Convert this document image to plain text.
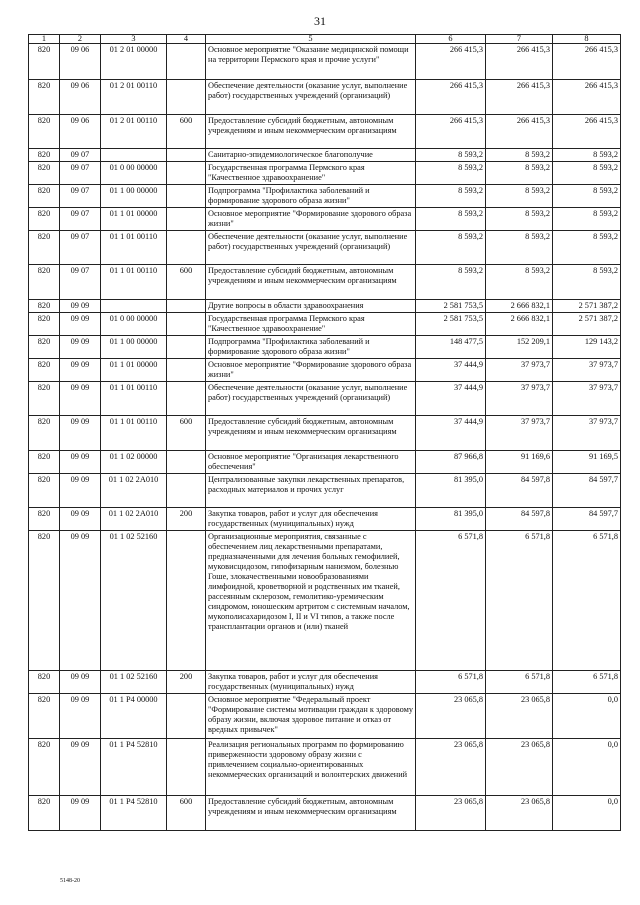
31
1	2	3	4	5	6	7	8
820	09 06	01 2 01 00000		Основное мероприятие "Оказание медицинской помощи на территории Пермского края и прочие услуги"	266 415,3	266 415,3	266 415,3
820	09 06	01 2 01 00110		Обеспечение деятельности (оказание услуг, выполнение работ) государственных учреждений (организаций)	266 415,3	266 415,3	266 415,3
820	09 06	01 2 01 00110	600	Предоставление субсидий бюджетным, автономным учреждениям и иным некоммерческим организациям	266 415,3	266 415,3	266 415,3
820	09 07			Санитарно-эпидемиологическое благополучие	8 593,2	8 593,2	8 593,2
820	09 07	01 0 00 00000		Государственная программа Пермского края "Качественное здравоохранение"	8 593,2	8 593,2	8 593,2
820	09 07	01 1 00 00000		Подпрограмма "Профилактика заболеваний и формирование здорового образа жизни"	8 593,2	8 593,2	8 593,2
820	09 07	01 1 01 00000		Основное мероприятие "Формирование здорового образа жизни"	8 593,2	8 593,2	8 593,2
820	09 07	01 1 01 00110		Обеспечение деятельности (оказание услуг, выполнение работ) государственных учреждений (организаций)	8 593,2	8 593,2	8 593,2
820	09 07	01 1 01 00110	600	Предоставление субсидий бюджетным, автономным учреждениям и иным некоммерческим организациям	8 593,2	8 593,2	8 593,2
820	09 09			Другие вопросы в области здравоохранения	2 581 753,5	2 666 832,1	2 571 387,2
820	09 09	01 0 00 00000		Государственная программа Пермского края "Качественное здравоохранение"	2 581 753,5	2 666 832,1	2 571 387,2
820	09 09	01 1 00 00000		Подпрограмма "Профилактика заболеваний и формирование здорового образа жизни"	148 477,5	152 209,1	129 143,2
820	09 09	01 1 01 00000		Основное мероприятие "Формирование здорового образа жизни"	37 444,9	37 973,7	37 973,7
820	09 09	01 1 01 00110		Обеспечение деятельности (оказание услуг, выполнение работ) государственных учреждений (организаций)	37 444,9	37 973,7	37 973,7
820	09 09	01 1 01 00110	600	Предоставление субсидий бюджетным, автономным учреждениям и иным некоммерческим организациям	37 444,9	37 973,7	37 973,7
820	09 09	01 1 02 00000		Основное мероприятие "Организация лекарственного обеспечения"	87 966,8	91 169,6	91 169,5
820	09 09	01 1 02 2A010		Централизованные закупки лекарственных препаратов, расходных материалов и прочих услуг	81 395,0	84 597,8	84 597,7
820	09 09	01 1 02 2A010	200	Закупка товаров, работ и услуг для обеспечения государственных (муниципальных) нужд	81 395,0	84 597,8	84 597,7
820	09 09	01 1 02 52160		Организационные мероприятия, связанные с обеспечением лиц лекарственными препаратами, предназначенными для лечения больных гемофилией, муковисцидозом, гипофизарным нанизмом, болезнью Гоше, злокачественными новообразованиями лимфоидной, кроветворной и родственных им тканей, рассеянным склерозом, гемолитико-уремическим синдромом, юношеским артритом с системным началом, мукополисахаридозом I, II и VI типов, а также после трансплантации органов и (или) тканей	6 571,8	6 571,8	6 571,8
820	09 09	01 1 02 52160	200	Закупка товаров, работ и услуг для обеспечения государственных (муниципальных) нужд	6 571,8	6 571,8	6 571,8
820	09 09	01 1 P4 00000		Основное мероприятие "Федеральный проект "Формирование системы мотивации граждан к здоровому образу жизни, включая здоровое питание и отказ от вредных привычек"	23 065,8	23 065,8	0,0
820	09 09	01 1 P4 52810		Реализация региональных программ по формированию приверженности здоровому образу жизни с привлечением социально-ориентированных некоммерческих организаций и волонтерских движений	23 065,8	23 065,8	0,0
820	09 09	01 1 P4 52810	600	Предоставление субсидий бюджетным, автономным учреждениям и иным некоммерческим организациям	23 065,8	23 065,8	0,0
5148-20
